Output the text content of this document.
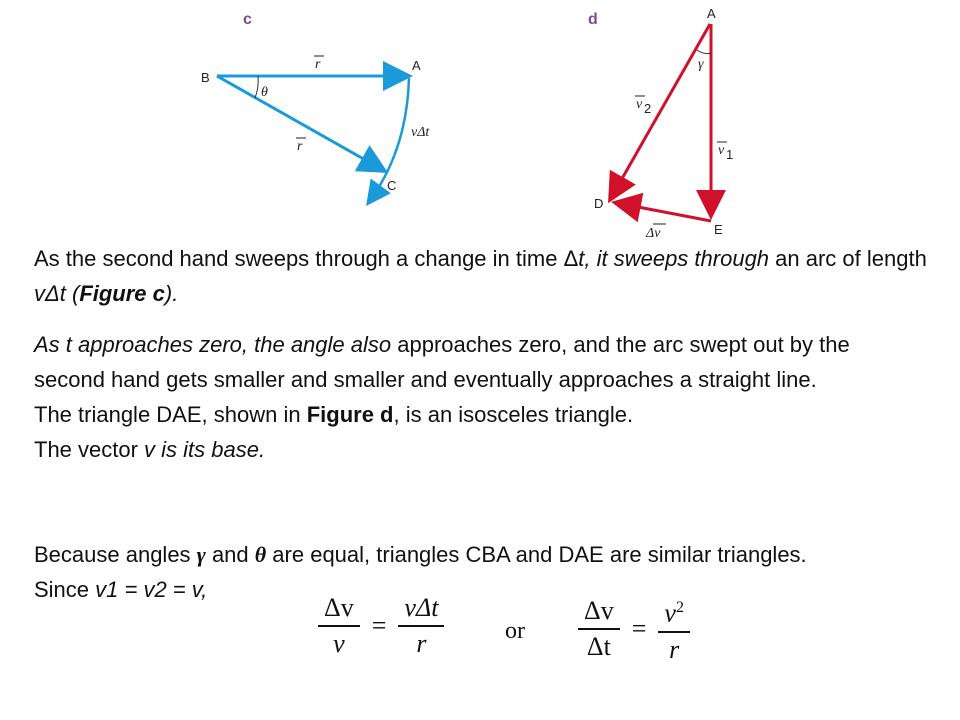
c
B
A
C
θ
r
r
vΔt
d	A
D
E
γ
v 2
v 1
Δv

As the second hand sweeps through a change in time Δt, it sweeps through an arc of length vΔt (Figure c).

As t approaches zero, the angle also approaches zero, and the arc swept out by the second hand gets smaller and smaller and eventually approaches a straight line.

The triangle DAE, shown in Figure d, is an isosceles triangle.

The vector v is its base.

Because angles γ and θ are equal, triangles CBA and DAE are similar triangles.

Since v1 = v2 = v,

$\frac{\Delta v}{v} = \frac{\text{vΔt}}{r}$	or $\frac{\Delta v}{\Delta t} = \frac{v^2}{r}$
